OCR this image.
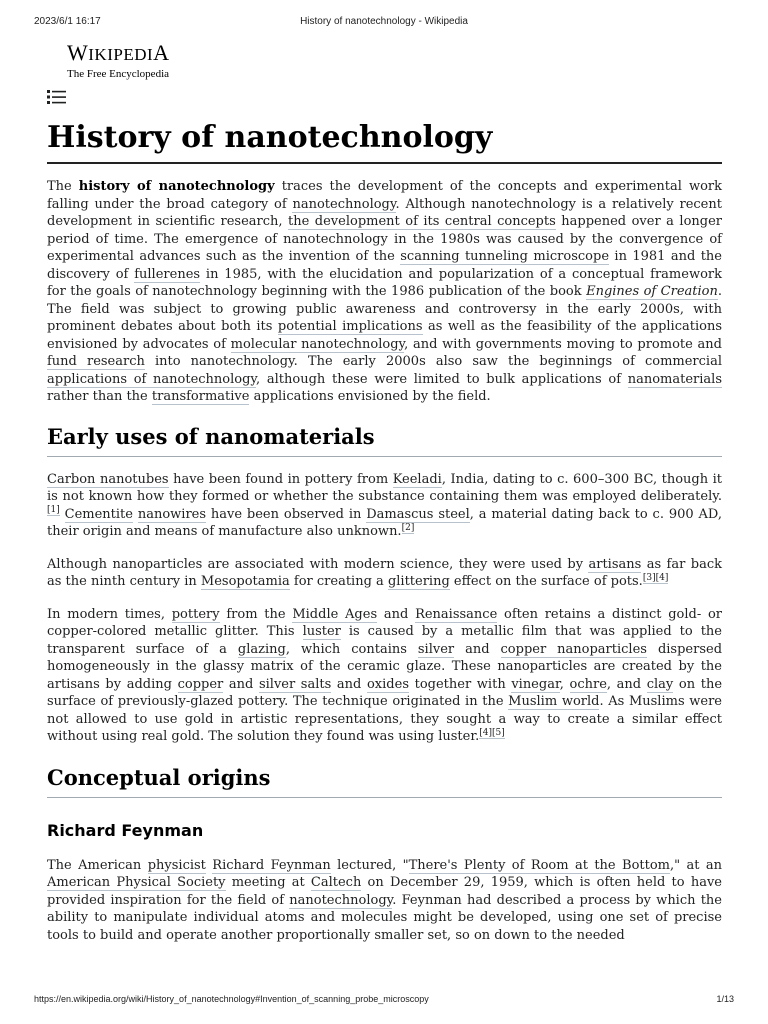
2023/6/1 16:17	History of nanotechnology - Wikipedia
WIKIPEDIA
The Free Encyclopedia
History of nanotechnology

The history of nanotechnology traces the development of the concepts and experimental work falling under the broad category of nanotechnology. Although nanotechnology is a relatively recent development in scientific research, the development of its central concepts happened over a longer period of time. The emergence of nanotechnology in the 1980s was caused by the convergence of experimental advances such as the invention of the scanning tunneling microscope in 1981 and the discovery of fullerenes in 1985, with the elucidation and popularization of a conceptual framework for the goals of nanotechnology beginning with the 1986 publication of the book Engines of Creation. The field was subject to growing public awareness and controversy in the early 2000s, with prominent debates about both its potential implications as well as the feasibility of the applications envisioned by advocates of molecular nanotechnology, and with governments moving to promote and fund research into nanotechnology. The early 2000s also saw the beginnings of commercial applications of nanotechnology, although these were limited to bulk applications of nanomaterials rather than the transformative applications envisioned by the field.

Early uses of nanomaterials

Carbon nanotubes have been found in pottery from Keeladi, India, dating to c. 600–300 BC, though it is not known how they formed or whether the substance containing them was employed deliberately.[1] Cementite nanowires have been observed in Damascus steel, a material dating back to c. 900 AD, their origin and means of manufacture also unknown.[2]

Although nanoparticles are associated with modern science, they were used by artisans as far back as the ninth century in Mesopotamia for creating a glittering effect on the surface of pots.[3][4]

In modern times, pottery from the Middle Ages and Renaissance often retains a distinct gold- or copper-colored metallic glitter. This luster is caused by a metallic film that was applied to the transparent surface of a glazing, which contains silver and copper nanoparticles dispersed homogeneously in the glassy matrix of the ceramic glaze. These nanoparticles are created by the artisans by adding copper and silver salts and oxides together with vinegar, ochre, and clay on the surface of previously-glazed pottery. The technique originated in the Muslim world. As Muslims were not allowed to use gold in artistic representations, they sought a way to create a similar effect without using real gold. The solution they found was using luster.[4][5]

Conceptual origins
Richard Feynman

The American physicist Richard Feynman lectured, "There's Plenty of Room at the Bottom," at an American Physical Society meeting at Caltech on December 29, 1959, which is often held to have provided inspiration for the field of nanotechnology. Feynman had described a process by which the ability to manipulate individual atoms and molecules might be developed, using one set of precise tools to build and operate another proportionally smaller set, so on down to the needed

https://en.wikipedia.org/wiki/History_of_nanotechnology#Invention_of_scanning_probe_microscopy	1/13
